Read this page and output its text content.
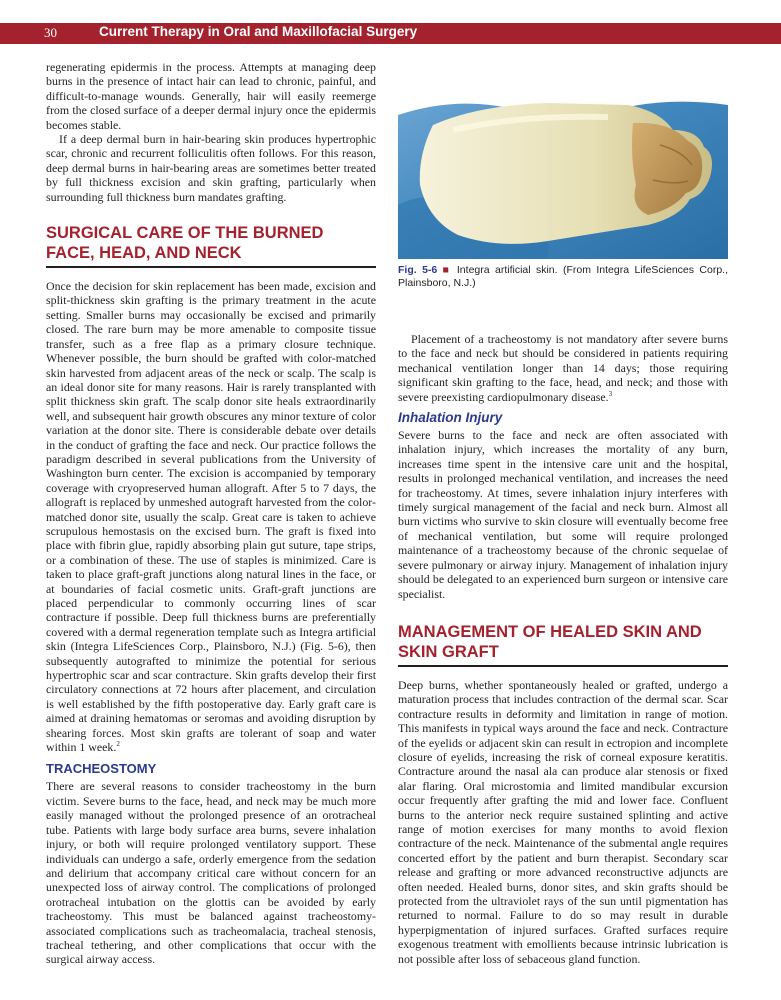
30	Current Therapy in Oral and Maxillofacial Surgery

regenerating epidermis in the process. Attempts at managing deep burns in the presence of intact hair can lead to chronic, painful, and difficult-to-manage wounds. Generally, hair will easily reemerge from the closed surface of a deeper dermal injury once the epidermis becomes stable.

If a deep dermal burn in hair-bearing skin produces hypertrophic scar, chronic and recurrent folliculitis often follows. For this reason, deep dermal burns in hair-bearing areas are sometimes better treated by full thickness excision and skin grafting, particularly when surrounding full thickness burn mandates grafting.

SURGICAL CARE OF THE BURNED FACE, HEAD, AND NECK

Once the decision for skin replacement has been made, excision and split-thickness skin grafting is the primary treatment in the acute setting. Smaller burns may occasionally be excised and primarily closed. The rare burn may be more amenable to composite tissue transfer, such as a free flap as a primary closure technique. Whenever possible, the burn should be grafted with color-matched skin harvested from adjacent areas of the neck or scalp. The scalp is an ideal donor site for many reasons. Hair is rarely transplanted with split thickness skin graft. The scalp donor site heals extraordinarily well, and subsequent hair growth obscures any minor texture of color variation at the donor site. There is considerable debate over details in the conduct of grafting the face and neck. Our practice follows the paradigm described in several publications from the University of Washington burn center. The excision is accompanied by temporary coverage with cryopreserved human allograft. After 5 to 7 days, the allograft is replaced by unmeshed autograft harvested from the color-matched donor site, usually the scalp. Great care is taken to achieve scrupulous hemostasis on the excised burn. The graft is fixed into place with fibrin glue, rapidly absorbing plain gut suture, tape strips, or a combination of these. The use of staples is minimized. Care is taken to place graft-graft junctions along natural lines in the face, or at boundaries of facial cosmetic units. Graft-graft junctions are placed perpendicular to commonly occurring lines of scar contracture if possible. Deep full thickness burns are preferentially covered with a dermal regeneration template such as Integra artificial skin (Integra LifeSciences Corp., Plainsboro, N.J.) (Fig. 5-6), then subsequently autografted to minimize the potential for serious hypertrophic scar and scar contracture. Skin grafts develop their first circulatory connections at 72 hours after placement, and circulation is well established by the fifth postoperative day. Early graft care is aimed at draining hematomas or seromas and avoiding disruption by shearing forces. Most skin grafts are tolerant of soap and water within 1 week.$^2$

TRACHEOSTOMY

There are several reasons to consider tracheostomy in the burn victim. Severe burns to the face, head, and neck may be much more easily managed without the prolonged presence of an orotracheal tube. Patients with large body surface area burns, severe inhalation injury, or both will require prolonged ventilatory support. These individuals can undergo a safe, orderly emergence from the sedation and delirium that accompany critical care without concern for an unexpected loss of airway control. The complications of prolonged orotracheal intubation on the glottis can be avoided by early tracheostomy. This must be balanced against tracheostomy-associated complications such as tracheomalacia, tracheal stenosis, tracheal tethering, and other complications that occur with the surgical airway access.

Fig. 5-6 ■ Integra artificial skin. (From Integra LifeSciences Corp., Plainsboro, N.J.)

Placement of a tracheostomy is not mandatory after severe burns to the face and neck but should be considered in patients requiring mechanical ventilation longer than 14 days; those requiring significant skin grafting to the face, head, and neck; and those with severe preexisting cardiopulmonary disease.$^3$

Inhalation Injury

Severe burns to the face and neck are often associated with inhalation injury, which increases the mortality of any burn, increases time spent in the intensive care unit and the hospital, results in prolonged mechanical ventilation, and increases the need for tracheostomy. At times, severe inhalation injury interferes with timely surgical management of the facial and neck burn. Almost all burn victims who survive to skin closure will eventually become free of mechanical ventilation, but some will require prolonged maintenance of a tracheostomy because of the chronic sequelae of severe pulmonary or airway injury. Management of inhalation injury should be delegated to an experienced burn surgeon or intensive care specialist.

MANAGEMENT OF HEALED SKIN AND SKIN GRAFT

Deep burns, whether spontaneously healed or grafted, undergo a maturation process that includes contraction of the dermal scar. Scar contracture results in deformity and limitation in range of motion. This manifests in typical ways around the face and neck. Contracture of the eyelids or adjacent skin can result in ectropion and incomplete closure of eyelids, increasing the risk of corneal exposure keratitis. Contracture around the nasal ala can produce alar stenosis or fixed alar flaring. Oral microstomia and limited mandibular excursion occur frequently after grafting the mid and lower face. Confluent burns to the anterior neck require sustained splinting and active range of motion exercises for many months to avoid flexion contracture of the neck. Maintenance of the submental angle requires concerted effort by the patient and burn therapist. Secondary scar release and grafting or more advanced reconstructive adjuncts are often needed. Healed burns, donor sites, and skin grafts should be protected from the ultraviolet rays of the sun until pigmentation has returned to normal. Failure to do so may result in durable hyperpigmentation of injured surfaces. Grafted surfaces require exogenous treatment with emollients because intrinsic lubrication is not possible after loss of sebaceous gland function.
